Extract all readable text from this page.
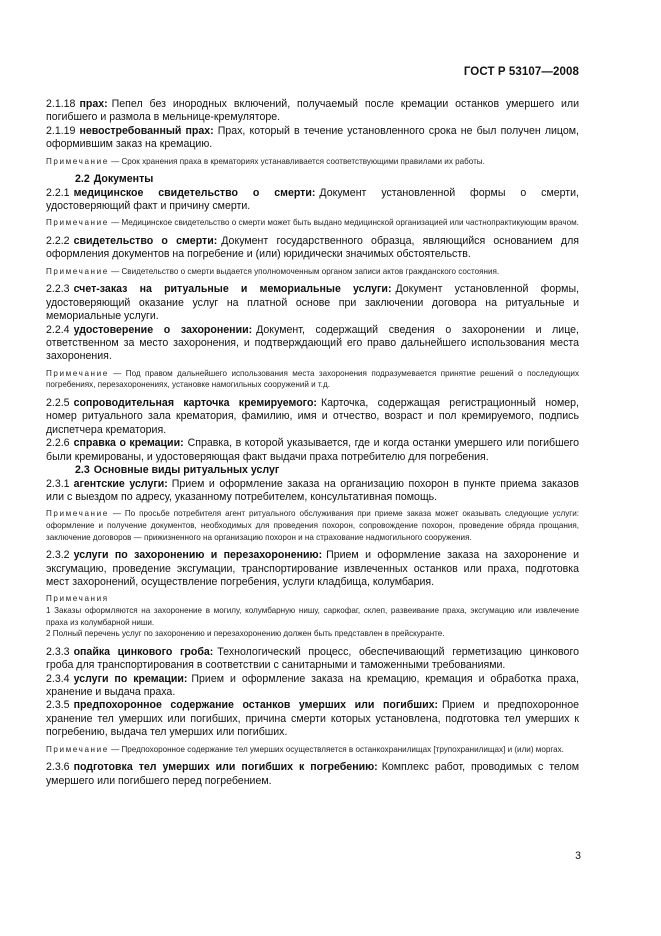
ГОСТ Р 53107—2008

2.1.18 прах: Пепел без инородных включений, получаемый после кремации останков умершего или погибшего и размола в мельнице-кремуляторе.

2.1.19 невостребованный прах: Прах, который в течение установленного срока не был получен лицом, оформившим заказ на кремацию.

Примечание — Срок хранения праха в крематориях устанавливается соответствующими правилами их работы.

2.2 Документы

2.2.1 медицинское свидетельство о смерти: Документ установленной формы о смерти, удостоверяющий факт и причину смерти.

Примечание — Медицинское свидетельство о смерти может быть выдано медицинской организацией или частнопрактикующим врачом.

2.2.2 свидетельство о смерти: Документ государственного образца, являющийся основанием для оформления документов на погребение и (или) юридически значимых обстоятельств.

Примечание — Свидетельство о смерти выдается уполномоченным органом записи актов гражданского состояния.

2.2.3 счет-заказ на ритуальные и мемориальные услуги: Документ установленной формы, удостоверяющий оказание услуг на платной основе при заключении договора на ритуальные и мемориальные услуги.

2.2.4 удостоверение о захоронении: Документ, содержащий сведения о захоронении и лице, ответственном за место захоронения, и подтверждающий его право дальнейшего использования места захоронения.

Примечание — Под правом дальнейшего использования места захоронения подразумевается принятие решений о последующих погребениях, перезахоронениях, установке намогильных сооружений и т.д.

2.2.5 сопроводительная карточка кремируемого: Карточка, содержащая регистрационный номер, номер ритуального зала крематория, фамилию, имя и отчество, возраст и пол кремируемого, подпись диспетчера крематория.

2.2.6 справка о кремации: Справка, в которой указывается, где и когда останки умершего или погибшего были кремированы, и удостоверяющая факт выдачи праха потребителю для погребения.

2.3 Основные виды ритуальных услуг

2.3.1 агентские услуги: Прием и оформление заказа на организацию похорон в пункте приема заказов или с выездом по адресу, указанному потребителем, консультативная помощь.

Примечание — По просьбе потребителя агент ритуального обслуживания при приеме заказа может оказывать следующие услуги: оформление и получение документов, необходимых для проведения похорон, сопровождение похорон, проведение обряда прощания, заключение договоров — прижизненного на организацию похорон и на страхование надмогильного сооружения.

2.3.2 услуги по захоронению и перезахоронению: Прием и оформление заказа на захоронение и эксгумацию, проведение эксгумации, транспортирование извлеченных останков или праха, подготовка мест захоронений, осуществление погребения, услуги кладбища, колумбария.

Примечания

1 Заказы оформляются на захоронение в могилу, колумбарную нишу, саркофаг, склеп, развеивание праха, эксгумацию или извлечение праха из колумбарной ниши.
2 Полный перечень услуг по захоронению и перезахоронению должен быть представлен в прейскуранте.

2.3.3 опайка цинкового гроба: Технологический процесс, обеспечивающий герметизацию цинкового гроба для транспортирования в соответствии с санитарными и таможенными требованиями.

2.3.4 услуги по кремации: Прием и оформление заказа на кремацию, кремация и обработка праха, хранение и выдача праха.

2.3.5 предпохоронное содержание останков умерших или погибших: Прием и предпохоронное хранение тел умерших или погибших, причина смерти которых установлена, подготовка тел умерших к погребению, выдача тел умерших или погибших.

Примечание — Предпохоронное содержание тел умерших осуществляется в останкохранилищах [трупохранилищах] и (или) моргах.

2.3.6 подготовка тел умерших или погибших к погребению: Комплекс работ, проводимых с телом умершего или погибшего перед погребением.

3
